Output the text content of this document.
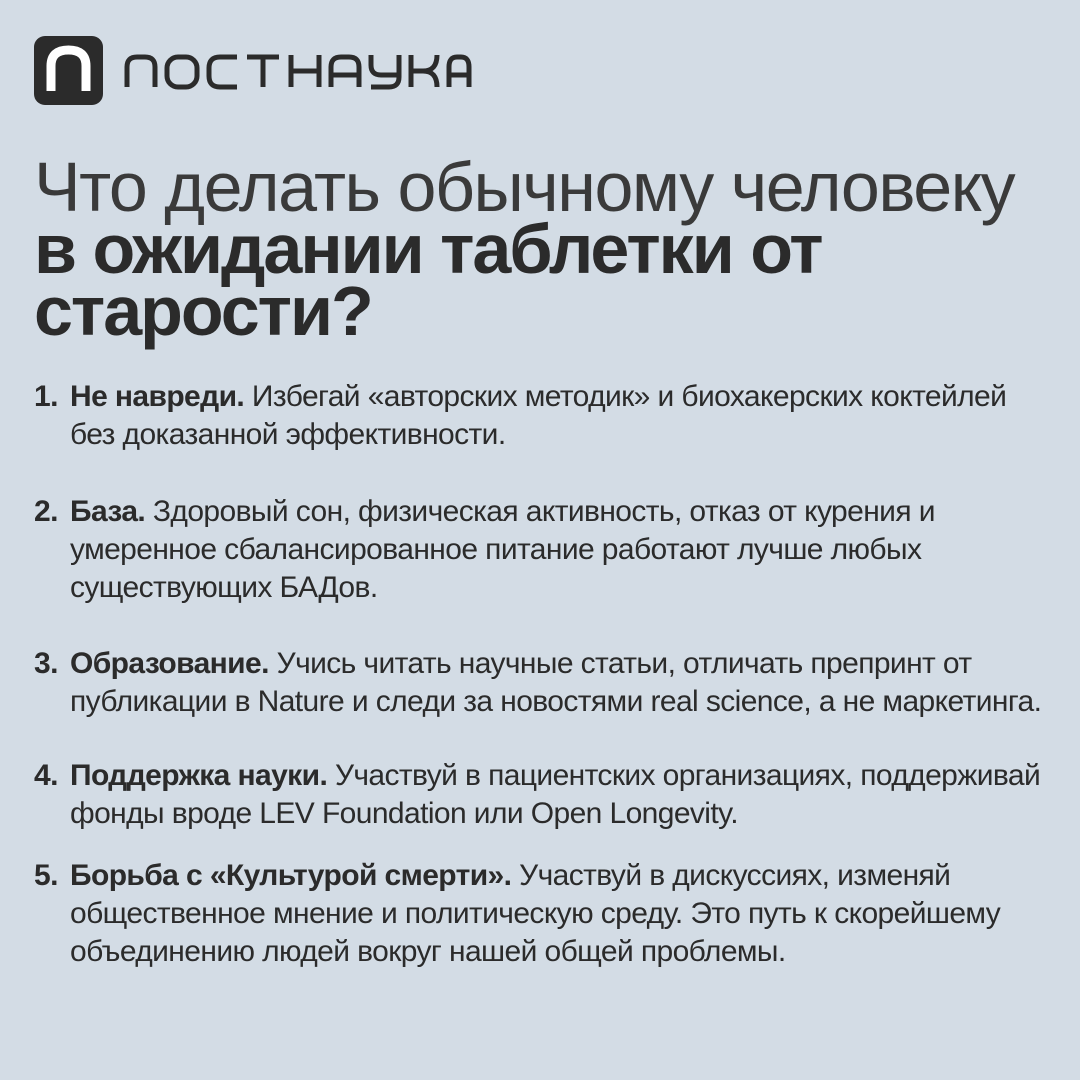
Что делать обычному человеку в ожидании таблетки от старости?
1. Не навреди. Избегай «авторских методик» и биохакерских коктейлей без доказанной эффективности.
2. База. Здоровый сон, физическая активность, отказ от курения и умеренное сбалансированное питание работают лучше любых существующих БАДов.
3. Образование. Учись читать научные статьи, отличать препринт от публикации в Nature и следи за новостями real science, а не маркетинга.
4. Поддержка науки. Участвуй в пациентских организациях, поддерживай фонды вроде LEV Foundation или Open Longevity.
5. Борьба с «Культурой смерти». Участвуй в дискуссиях, изменяй общественное мнение и политическую среду. Это путь к скорейшему объединению людей вокруг нашей общей проблемы.
